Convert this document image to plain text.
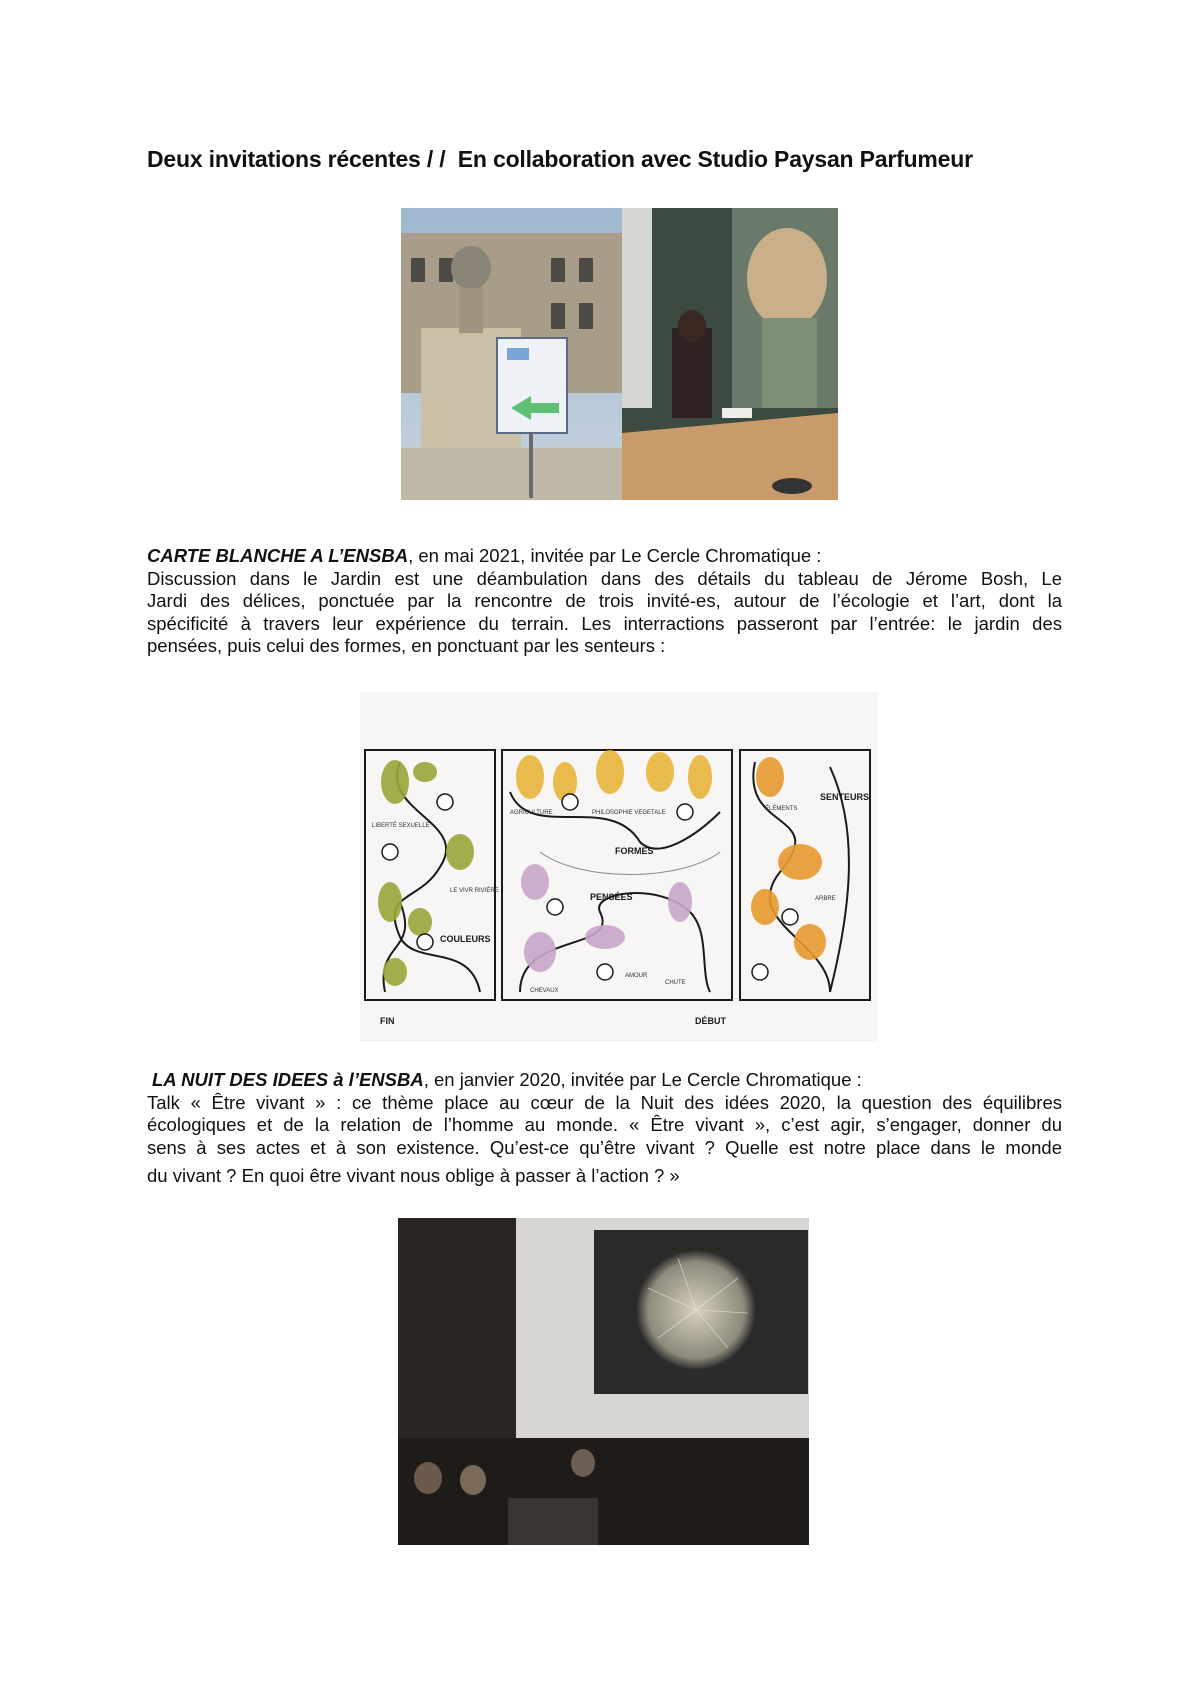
Deux invitations récentes / /  En collaboration avec Studio Paysan Parfumeur
CARTE BLANCHE A L’ENSBA, en mai 2021, invitée par Le Cercle Chromatique :
Discussion dans le Jardin est une déambulation dans des détails du tableau de Jérome Bosh, Le
Jardi des délices, ponctuée par la rencontre de trois invité-es, autour de l’écologie et l’art, dont la
spécificité à travers leur expérience du terrain. Les interractions passeront par l’entrée: le jardin des
pensées, puis celui des formes, en ponctuant par les senteurs :
FIN	DÉBUT
COULEURS
FORMES
PENSÉES
SENTEURS
LIBERTÉ SEXUELLE
LE VIVR RIVIÈRE
AGRICULTURE	PHILOSOPHIE VEGETALE
ÉLÉMENTS
ARBRE
CHUTE
AMOUR
CHEVAUX
LA NUIT DES IDEES à l’ENSBA, en janvier 2020, invitée par Le Cercle Chromatique :
Talk « Être vivant » : ce thème place au cœur de la Nuit des idées 2020, la question des équilibres
écologiques et de la relation de l’homme au monde. « Être vivant », c’est agir, s’engager, donner du
sens à ses actes et à son existence. Qu’est-ce qu’être vivant ? Quelle est notre place dans le monde
du vivant ? En quoi être vivant nous oblige à passer à l’action ? »
